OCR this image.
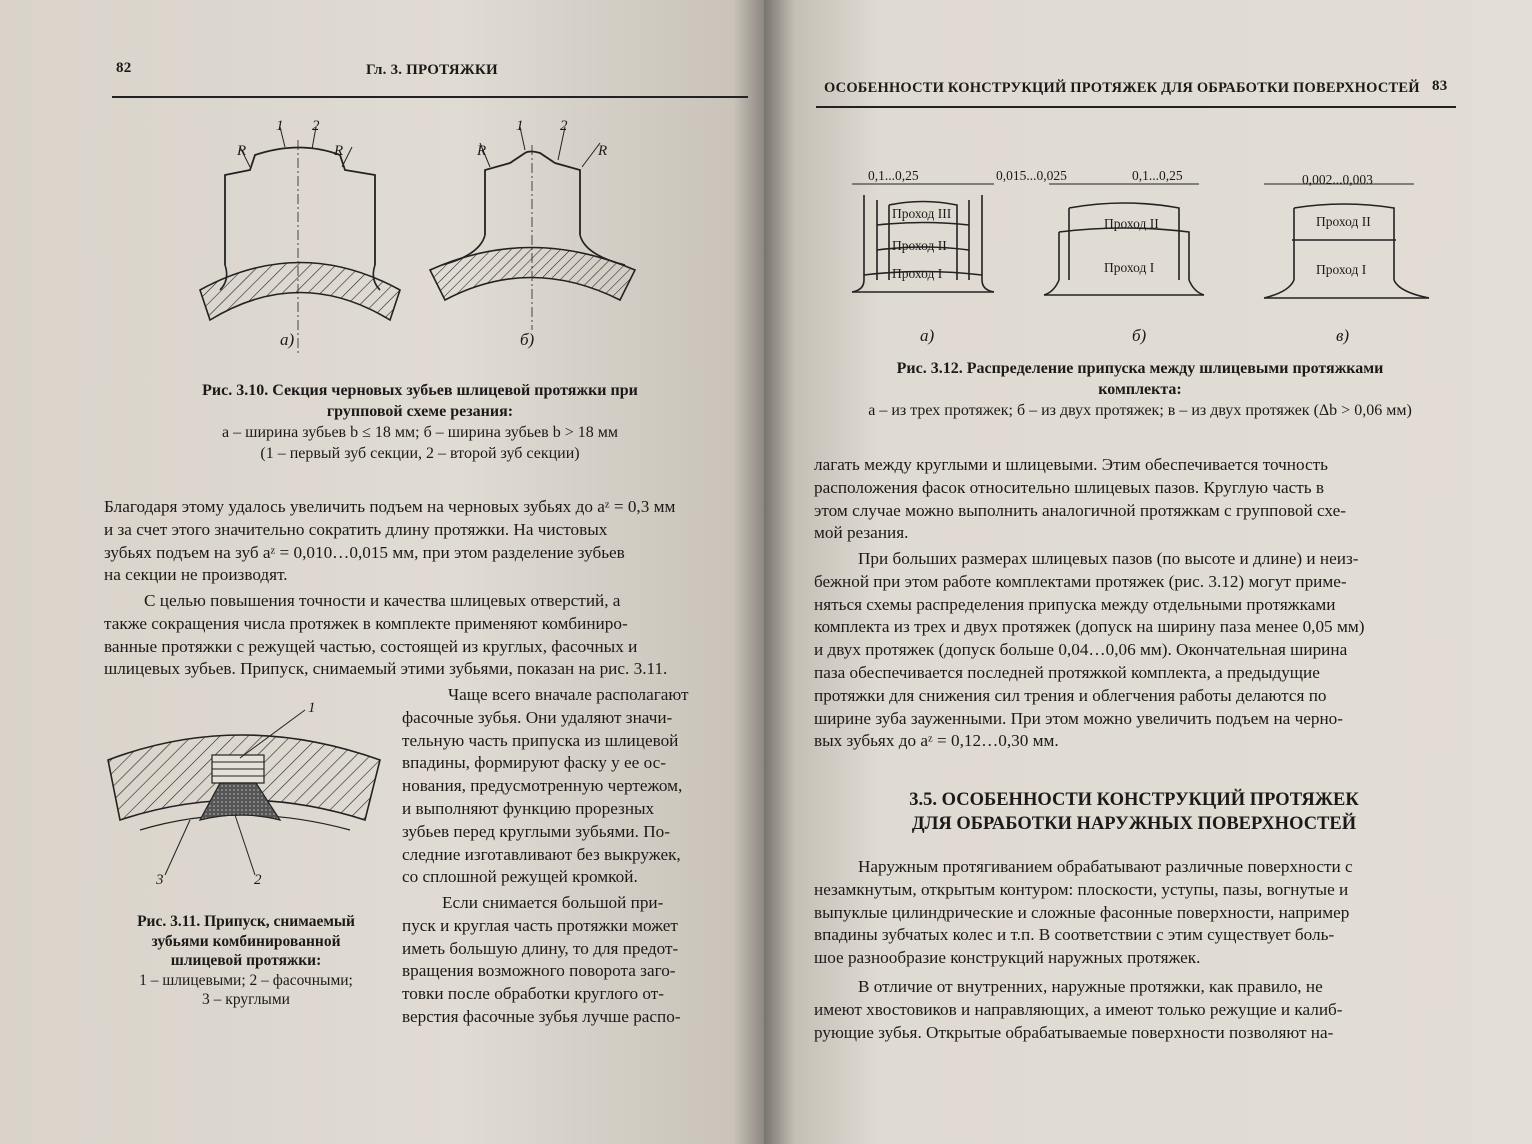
82	Гл. 3. ПРОТЯЖКИ
1 2
R	R
1 2
R	R
а)	б)
Рис. 3.10. Секция черновых зубьев шлицевой протяжки при групповой схеме резания:
а – ширина зубьев b ≤ 18 мм; б – ширина зубьев b > 18 мм
(1 – первый зуб секции, 2 – второй зуб секции)
Благодаря этому удалось увеличить подъем на черновых зубьях до aᶻ = 0,3 мм
и за счет этого значительно сократить длину протяжки. На чистовых
зубьях подъем на зуб aᶻ = 0,010…0,015 мм, при этом разделение зубьев
на секции не производят.
С целью повышения точности и качества шлицевых отверстий, а
также сокращения числа протяжек в комплекте применяют комбиниро-
ванные протяжки с режущей частью, состоящей из круглых, фасочных и
шлицевых зубьев. Припуск, снимаемый этими зубьями, показан на рис. 3.11.
1
3	2
Рис. 3.11. Припуск, снимаемый
зубьями комбинированной
шлицевой протяжки:
1 – шлицевыми; 2 – фасочными;
3 – круглыми
Чаще всего вначале располагают
фасочные зубья. Они удаляют значи-
тельную часть припуска из шлицевой
впадины, формируют фаску у ее ос-
нования, предусмотренную чертежом,
и выполняют функцию прорезных
зубьев перед круглыми зубьями. По-
следние изготавливают без выкружек,
со сплошной режущей кромкой.
Если снимается большой при-
пуск и круглая часть протяжки может
иметь большую длину, то для предот-
вращения возможного поворота заго-
товки после обработки круглого от-
верстия фасочные зубья лучше распо-
ОСОБЕННОСТИ КОНСТРУКЦИЙ ПРОТЯЖЕК ДЛЯ ОБРАБОТКИ ПОВЕРХНОСТЕЙ 83
0,1...0,25	0,015...0,025	0,1...0,25	0,002...0,003
Проход III
Проход II
Проход I
Проход II
Проход I
Проход II
Проход I
а)	б)	в)
Рис. 3.12. Распределение припуска между шлицевыми протяжками
комплекта:
а – из трех протяжек; б – из двух протяжек; в – из двух протяжек (Δb > 0,06 мм)
лагать между круглыми и шлицевыми. Этим обеспечивается точность
расположения фасок относительно шлицевых пазов. Круглую часть в
этом случае можно выполнить аналогичной протяжкам с групповой схе-
мой резания.
При больших размерах шлицевых пазов (по высоте и длине) и неиз-
бежной при этом работе комплектами протяжек (рис. 3.12) могут приме-
няться схемы распределения припуска между отдельными протяжками
комплекта из трех и двух протяжек (допуск на ширину паза менее 0,05 мм)
и двух протяжек (допуск больше 0,04…0,06 мм). Окончательная ширина
паза обеспечивается последней протяжкой комплекта, а предыдущие
протяжки для снижения сил трения и облегчения работы делаются по
ширине зуба зауженными. При этом можно увеличить подъем на черно-
вых зубьях до aᶻ = 0,12…0,30 мм.
3.5. ОСОБЕННОСТИ КОНСТРУКЦИЙ ПРОТЯЖЕК
ДЛЯ ОБРАБОТКИ НАРУЖНЫХ ПОВЕРХНОСТЕЙ
Наружным протягиванием обрабатывают различные поверхности с
незамкнутым, открытым контуром: плоскости, уступы, пазы, вогнутые и
выпуклые цилиндрические и сложные фасонные поверхности, например
впадины зубчатых колес и т.п. В соответствии с этим существует боль-
шое разнообразие конструкций наружных протяжек.
В отличие от внутренних, наружные протяжки, как правило, не
имеют хвостовиков и направляющих, а имеют только режущие и калиб-
рующие зубья. Открытые обрабатываемые поверхности позволяют на-
